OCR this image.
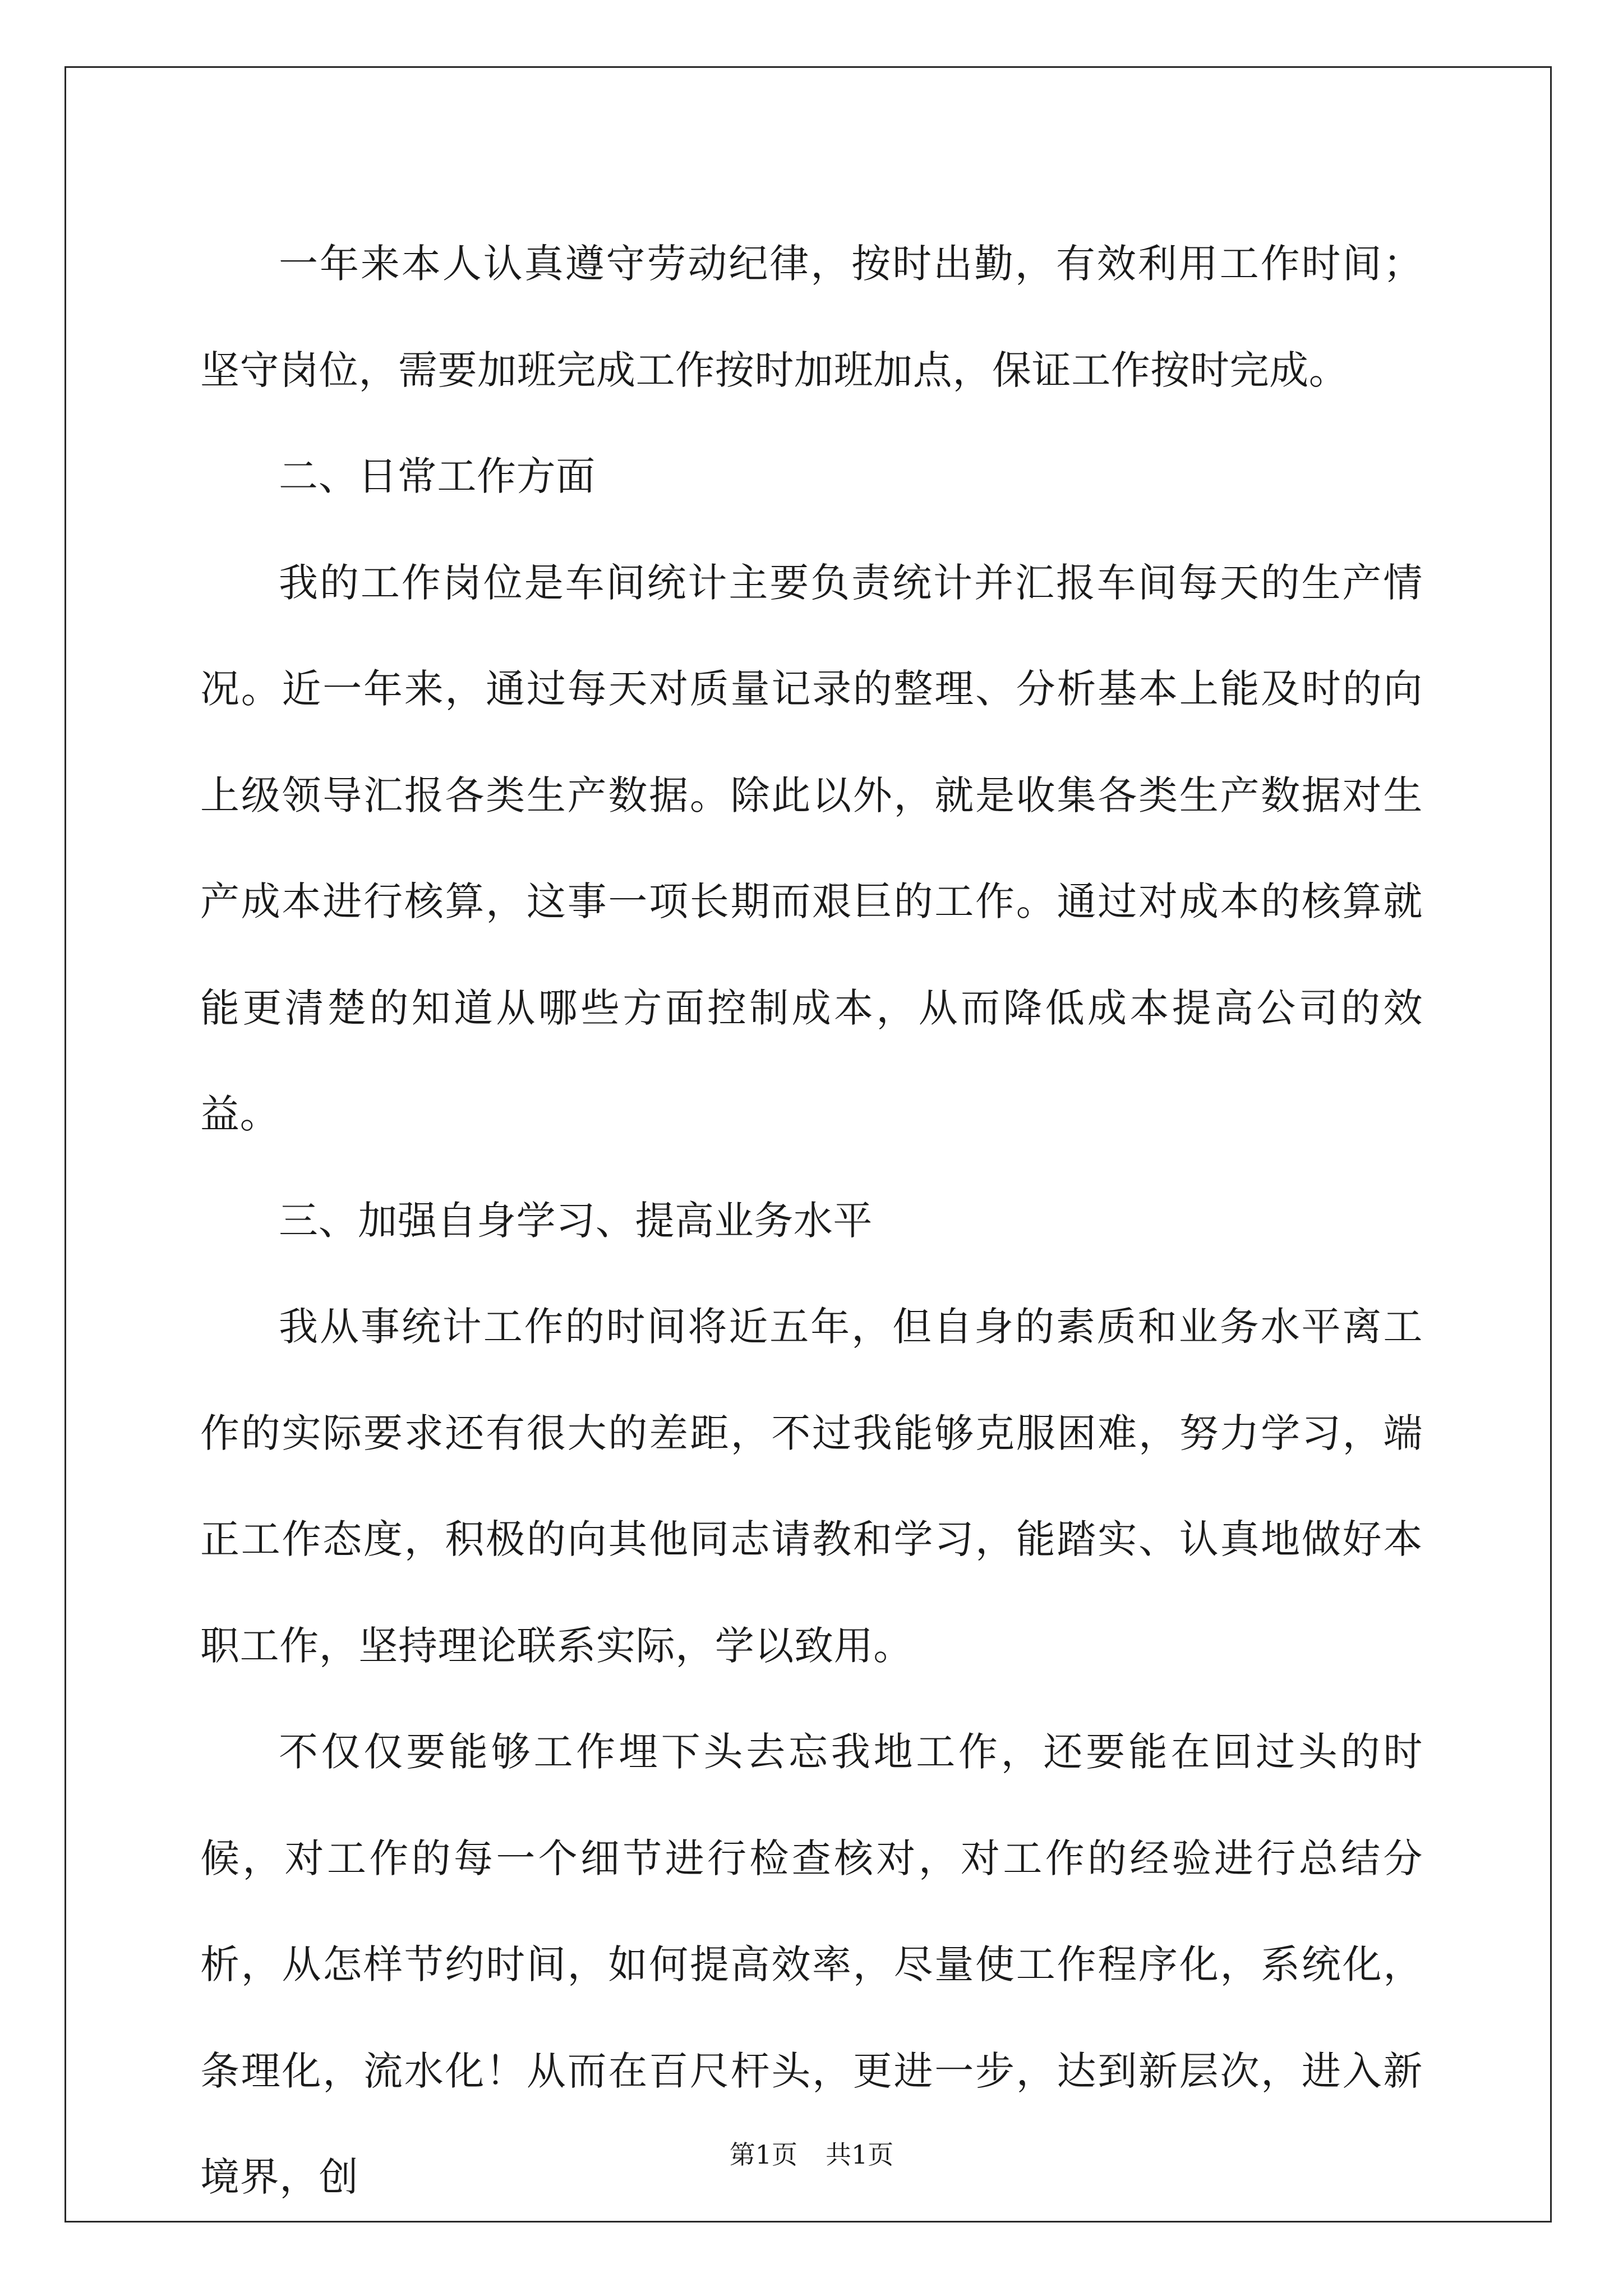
一年来本人认真遵守劳动纪律，按时出勤，有效利用工作时间；坚守岗位，需要加班完成工作按时加班加点，保证工作按时完成。

二、日常工作方面

我的工作岗位是车间统计主要负责统计并汇报车间每天的生产情况。近一年来，通过每天对质量记录的整理、分析基本上能及时的向上级领导汇报各类生产数据。除此以外，就是收集各类生产数据对生产成本进行核算，这事一项长期而艰巨的工作。通过对成本的核算就能更清楚的知道从哪些方面控制成本，从而降低成本提高公司的效益。

三、加强自身学习、提高业务水平

我从事统计工作的时间将近五年，但自身的素质和业务水平离工作的实际要求还有很大的差距，不过我能够克服困难，努力学习，端正工作态度，积极的向其他同志请教和学习，能踏实、认真地做好本职工作，坚持理论联系实际，学以致用。

不仅仅要能够工作埋下头去忘我地工作，还要能在回过头的时候，对工作的每一个细节进行检查核对，对工作的经验进行总结分析，从怎样节约时间，如何提高效率，尽量使工作程序化，系统化，条理化，流水化！从而在百尺杆头，更进一步，达到新层次，进入新境界，创	第1页 共1页
